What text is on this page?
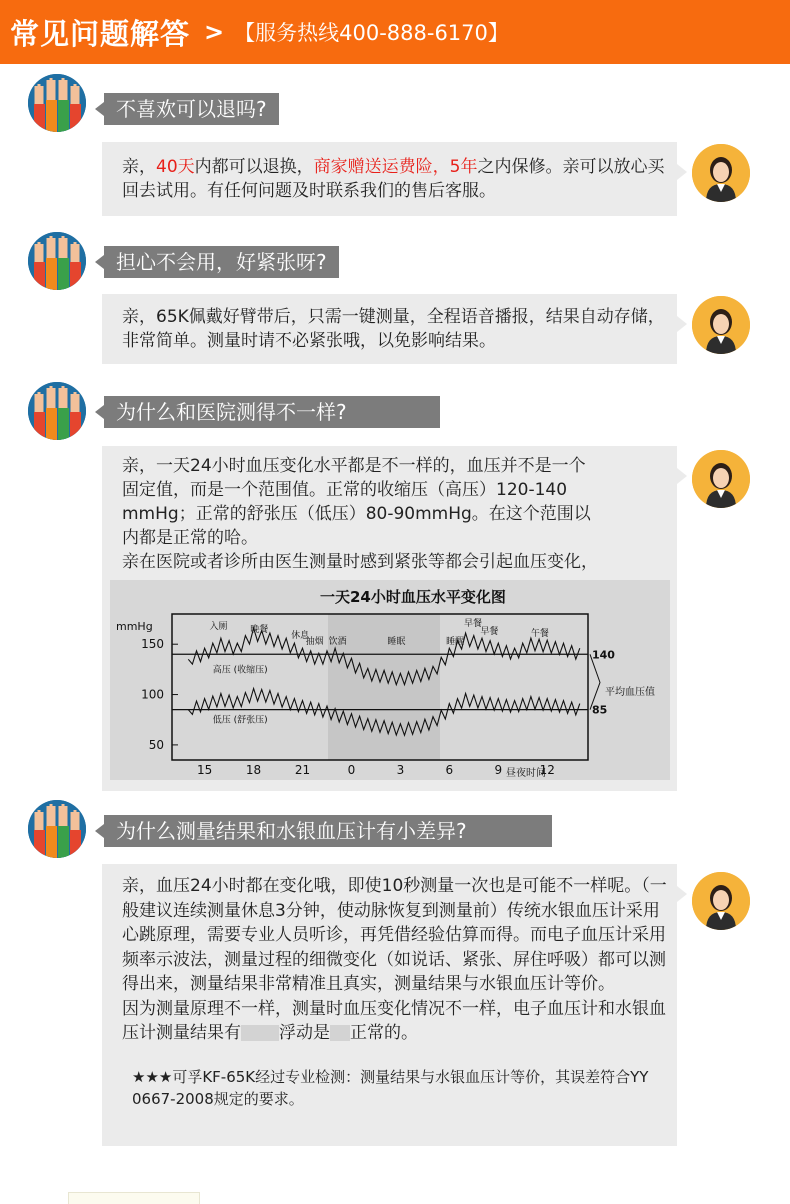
常见问题解答 > 【服务热线400-888-6170】
不喜欢可以退吗?
亲，40天内都可以退换，商家赠送运费险，5年之内保修。亲可以放心买回去试用。有任何问题及时联系我们的售后客服。
担心不会用，好紧张呀?
亲，65K佩戴好臂带后，只需一键测量，全程语音播报，结果自动存储，非常简单。测量时请不必紧张哦，以免影响结果。
为什么和医院测得不一样?
亲，一天24小时血压变化水平都是不一样的，血压并不是一个
固定值，而是一个范围值。正常的收缩压（高压）120-140
mmHg；正常的舒张压（低压）80-90mmHg。在这个范围以
内都是正常的哈。
亲在医院或者诊所由医生测量时感到紧张等都会引起血压变化，
一天24小时血压水平变化图
mmHg
昼夜时间
平均血压值
150
100
50
15	18	21	0	3	6	9	12
140
85
高压 (收缩压)
低压 (舒张压)
入厕	晚餐
休息
抽烟 饮酒	睡眠	睡醒
早餐
早餐	午餐
为什么测量结果和水银血压计有小差异?
亲，血压24小时都在变化哦，即使10秒测量一次也是可能不一样呢。（一般建议连续测量休息3分钟，使动脉恢复到测量前）传统水银血压计采用心跳原理，需要专业人员听诊，再凭借经验估算而得。而电子血压计采用频率示波法，测量过程的细微变化（如说话、紧张、屏住呼吸）都可以测得出来，测量结果非常精准且真实，测量结果与水银血压计等价。
因为测量原理不一样，测量时血压变化情况不一样，电子血压计和水银血压计测量结果有 浮动是 正常的。
★★★可孚KF-65K经过专业检测：测量结果与水银血压计等价，其误差符合YY 0667-2008规定的要求。
